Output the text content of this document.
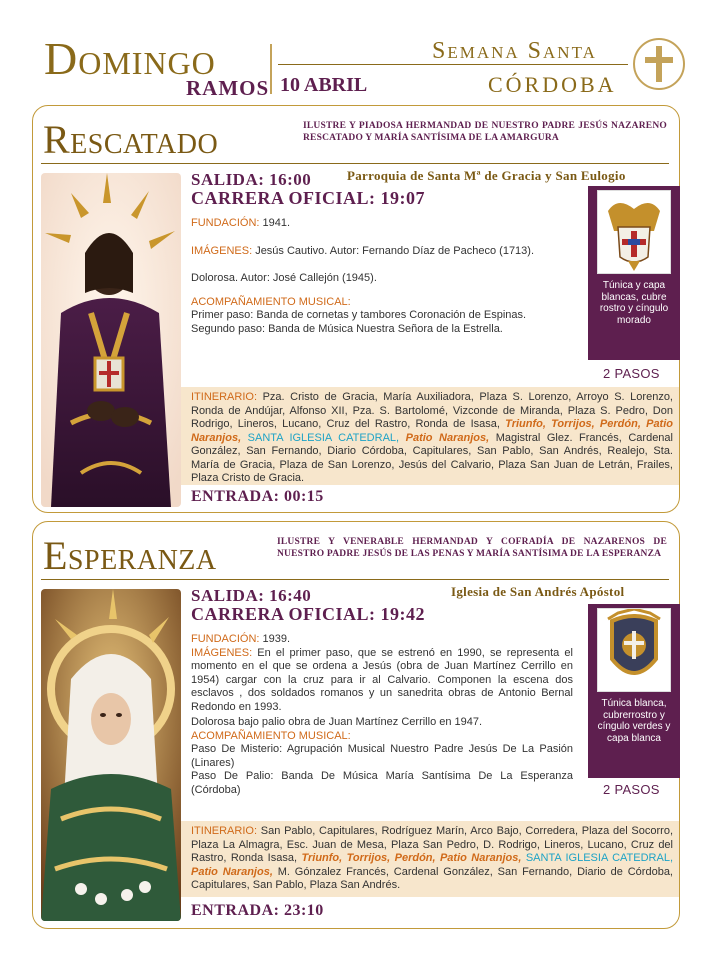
Domingo
RAMOS 10 ABRIL
Semana Santa
CÓRDOBA
Rescatado	ILUSTRE Y PIADOSA HERMANDAD DE NUESTRO PADRE JESÚS NAZARENO RESCATADO Y MARÍA SANTÍSIMA DE LA AMARGURA
SALIDA: 16:00	Parroquia de Santa Mª de Gracia y San Eulogio
CARRERA OFICIAL: 19:07

FUNDACIÓN: 1941.

IMÁGENES: Jesús Cautivo. Autor: Fernando Díaz de Pacheco (1713).

Dolorosa. Autor: José Callejón (1945).

ACOMPAÑAMIENTO MUSICAL:

Primer paso: Banda de cornetas y tambores Coronación de Espinas.

Segundo paso: Banda de Música Nuestra Señora de la Estrella.

Túnica y capa blancas, cubre rostro y cíngulo morado
2 PASOS
ITINERARIO: Pza. Cristo de Gracia, María Auxiliadora, Plaza S. Lorenzo, Arroyo S. Lorenzo, Ronda de Andújar, Alfonso XII, Pza. S. Bartolomé, Vizconde de Miranda, Plaza S. Pedro, Don Rodrigo, Lineros, Lucano, Cruz del Rastro, Ronda de Isasa, Triunfo, Torrijos, Perdón, Patio Naranjos, SANTA IGLESIA CATEDRAL, Patio Naranjos, Magistral Glez. Francés, Cardenal González, San Fernando, Diario Córdoba, Capitulares, San Pablo, San Andrés, Realejo, Sta. María de Gracia, Plaza de San Lorenzo, Jesús del Calvario, Plaza San Juan de Letrán, Frailes, Plaza Cristo de Gracia.
ENTRADA: 00:15
Esperanza	ILUSTRE Y VENERABLE HERMANDAD Y COFRADÍA DE NAZARENOS DE NUESTRO PADRE JESÚS DE LAS PENAS Y MARÍA SANTÍSIMA DE LA ESPERANZA
SALIDA: 16:40	Iglesia de San Andrés Apóstol
CARRERA OFICIAL: 19:42

FUNDACIÓN: 1939.

IMÁGENES: En el primer paso, que se estrenó en 1990, se representa el momento en el que se ordena a Jesús (obra de Juan Martínez Cerrillo en 1954) cargar con la cruz para ir al Calvario. Componen la escena dos esclavos , dos soldados romanos y un sanedrita obras de Antonio Bernal Redondo en 1993.

Dolorosa bajo palio obra de Juan Martínez Cerrillo en 1947.

ACOMPAÑAMIENTO MUSICAL:

Paso De Misterio: Agrupación Musical Nuestro Padre Jesús De La Pasión (Linares)

Paso De Palio: Banda De Música María Santísima De La Esperanza (Córdoba)

Túnica blanca, cubrerrostro y cíngulo verdes y capa blanca
2 PASOS
ITINERARIO: San Pablo, Capitulares, Rodríguez Marín, Arco Bajo, Corredera, Plaza del Socorro, Plaza La Almagra, Esc. Juan de Mesa, Plaza San Pedro, D. Rodrigo, Lineros, Lucano, Cruz del Rastro, Ronda Isasa, Triunfo, Torrijos, Perdón, Patio Naranjos, SANTA IGLESIA CATEDRAL, Patio Naranjos, M. Gónzalez Francés, Cardenal González, San Fernando, Diario de Córdoba, Capitulares, San Pablo, Plaza San Andrés.
ENTRADA: 23:10
